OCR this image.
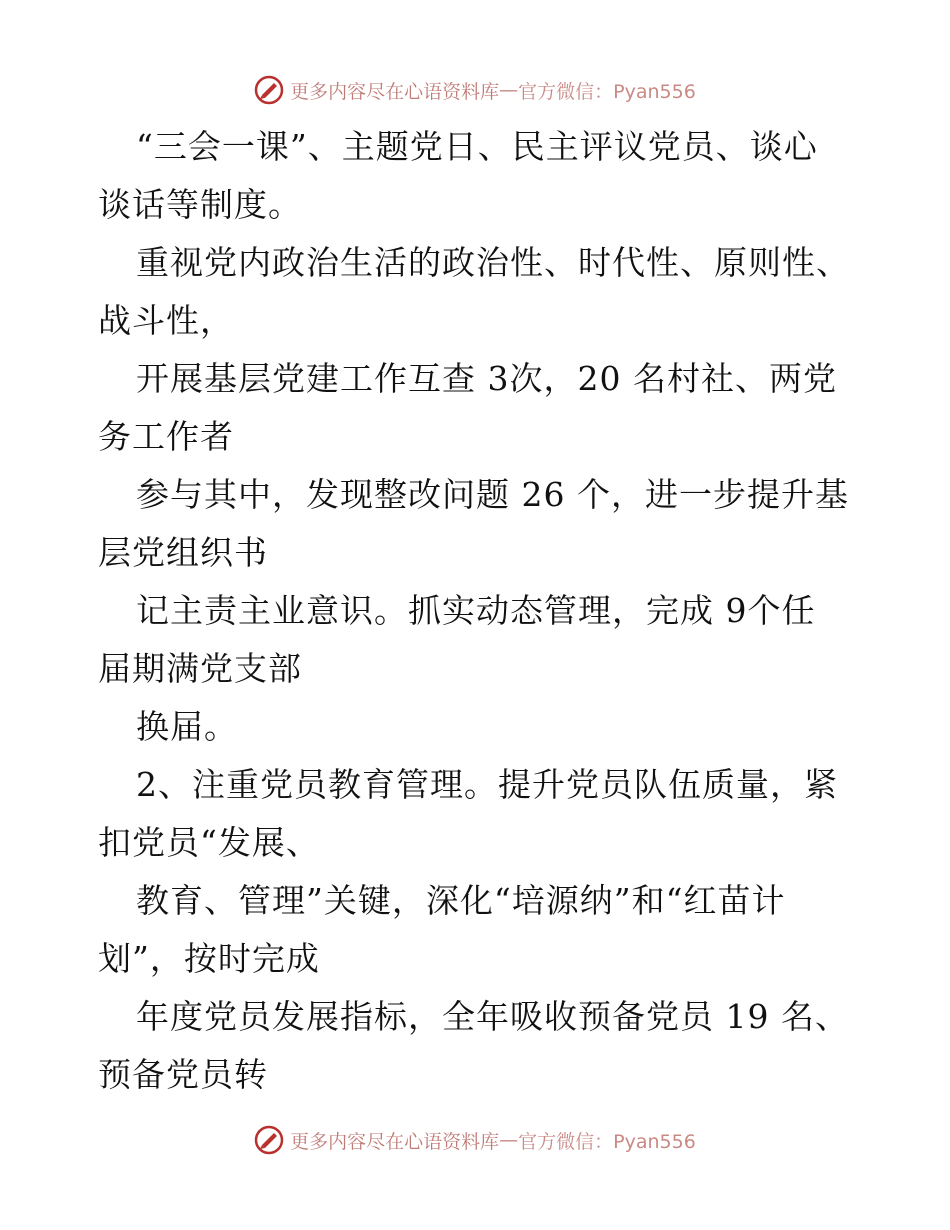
更多内容尽在心语资料库 — 官方微信：Pyan556
“三会一课”、主题党日、民主评议党员、谈心
谈话等制度。
重视党内政治生活的政治性、时代性、原则性、
战斗性，
开展基层党建工作互查 3次，20 名村社、两党
务工作者
参与其中，发现整改问题 26 个，进一步提升基
层党组织书
记主责主业意识。抓实动态管理，完成 9个任
届期满党支部
换届。
2、注重党员教育管理。提升党员队伍质量，紧
扣党员“发展、
教育、管理”关键，深化“培源纳”和“红苗计
划”，按时完成
年度党员发展指标，全年吸收预备党员 19 名、
预备党员转
更多内容尽在心语资料库 — 官方微信：Pyan556
